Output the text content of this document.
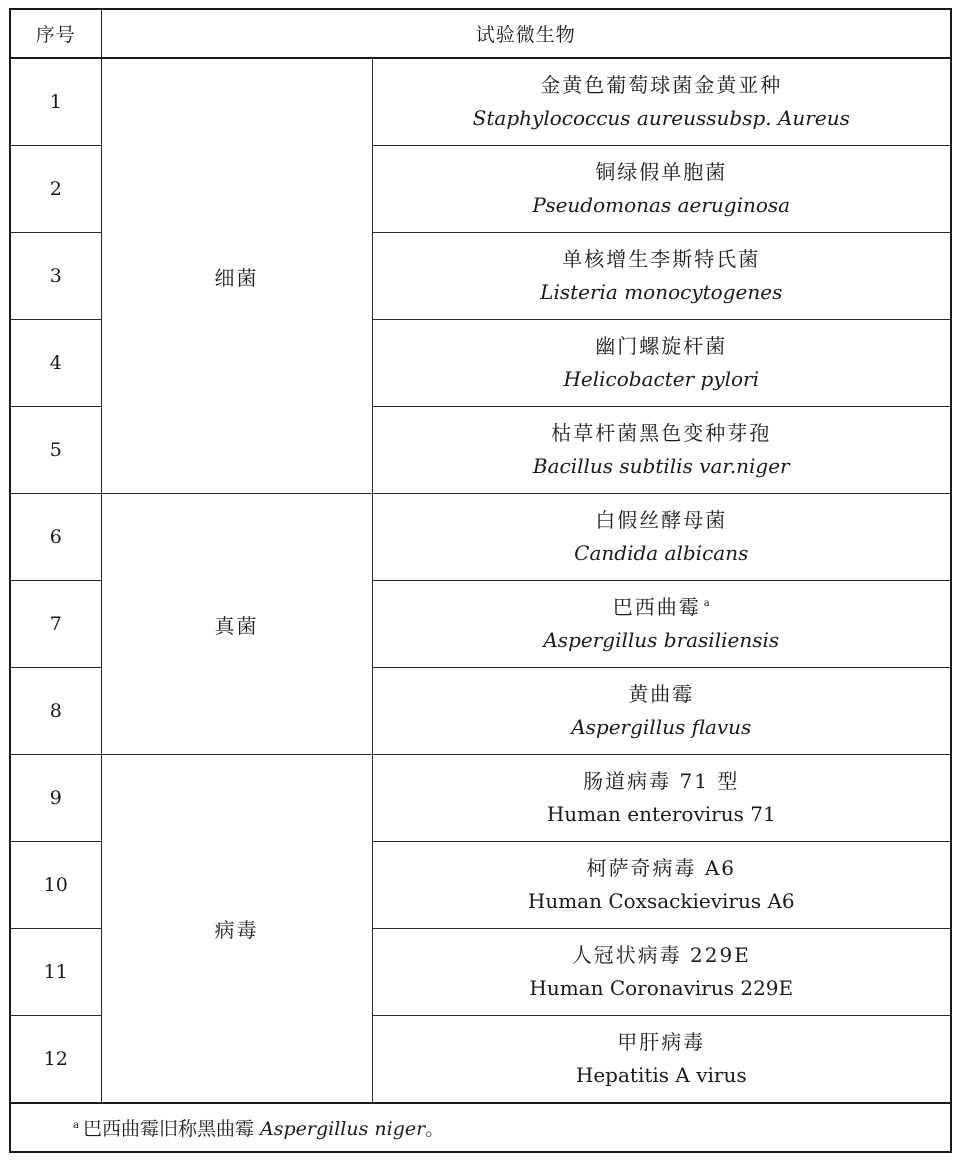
序号	试验微生物	
1	细菌	金黄色葡萄球菌金黄亚种
Staphylococcus aureussubsp. Aureus

2		铜绿假单胞菌
Pseudomonas aeruginosa

3		单核增生李斯特氏菌
Listeria monocytogenes

4		幽门螺旋杆菌
Helicobacter pylori

5		枯草杆菌黑色变种芽孢
Bacillus subtilis var.niger

6	真菌	白假丝酵母菌
Candida albicans

7		巴西曲霉 $^a$
Aspergillus brasiliensis

8		黄曲霉
Aspergillus flavus

9	病毒	肠道病毒 71 型
Human enterovirus 71

10		柯萨奇病毒 A6
Human Coxsackievirus A6

11		人冠状病毒 229E
Human Coronavirus 229E

12		甲肝病毒
Hepatitis A virus

$^a$ 巴西曲霉旧称黑曲霉 Aspergillus niger。		
